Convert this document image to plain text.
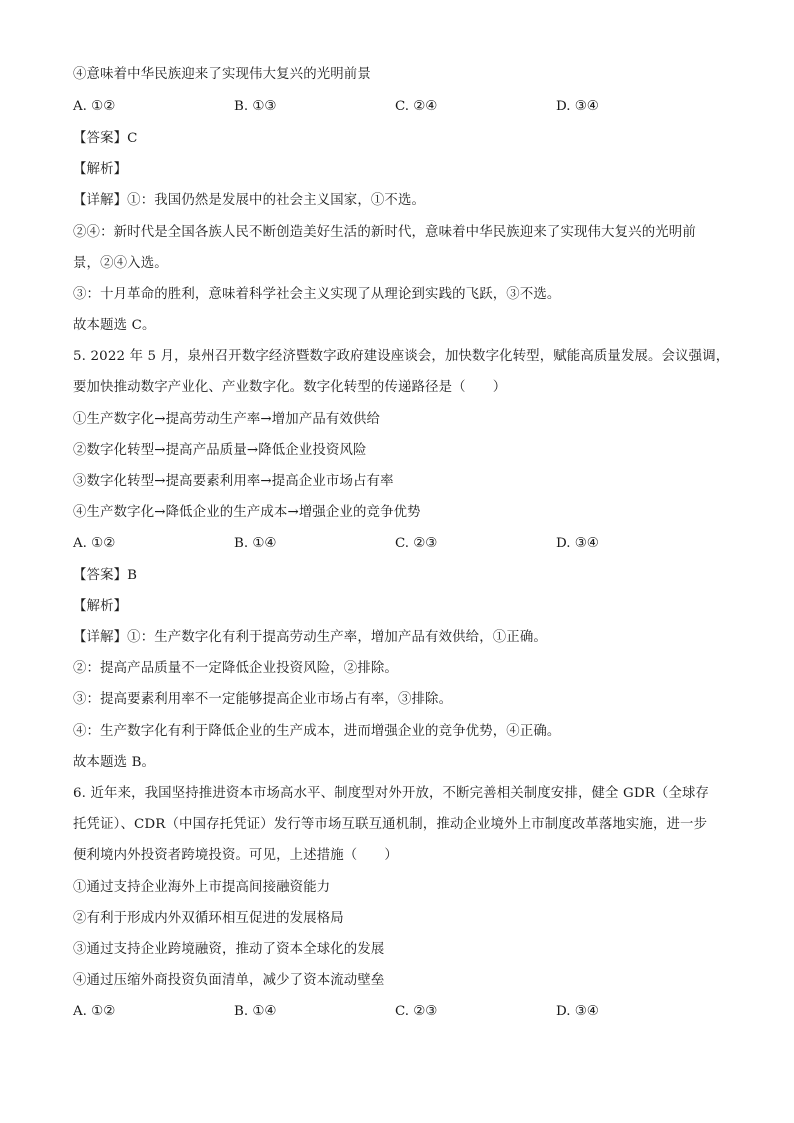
④意味着中华民族迎来了实现伟大复兴的光明前景
A. ①②	B. ①③	C. ②④	D. ③④
【答案】C
【解析】
【详解】①：我国仍然是发展中的社会主义国家，①不选。
②④：新时代是全国各族人民不断创造美好生活的新时代，意味着中华民族迎来了实现伟大复兴的光明前
景，②④入选。
③：十月革命的胜利，意味着科学社会主义实现了从理论到实践的飞跃，③不选。
故本题选 C。
5. 2022 年 5 月，泉州召开数字经济暨数字政府建设座谈会，加快数字化转型，赋能高质量发展。会议强调，
要加快推动数字产业化、产业数字化。数字化转型的传递路径是（　　）
①生产数字化→提高劳动生产率→增加产品有效供给
②数字化转型→提高产品质量→降低企业投资风险
③数字化转型→提高要素利用率→提高企业市场占有率
④生产数字化→降低企业的生产成本→增强企业的竞争优势
A. ①②	B. ①④	C. ②③	D. ③④
【答案】B
【解析】
【详解】①：生产数字化有利于提高劳动生产率，增加产品有效供给，①正确。
②：提高产品质量不一定降低企业投资风险，②排除。
③：提高要素利用率不一定能够提高企业市场占有率，③排除。
④：生产数字化有利于降低企业的生产成本，进而增强企业的竞争优势，④正确。
故本题选 B。
6. 近年来，我国坚持推进资本市场高水平、制度型对外开放，不断完善相关制度安排，健全 GDR（全球存
托凭证）、CDR（中国存托凭证）发行等市场互联互通机制，推动企业境外上市制度改革落地实施，进一步
便利境内外投资者跨境投资。可见，上述措施（　　）
①通过支持企业海外上市提高间接融资能力
②有利于形成内外双循环相互促进的发展格局
③通过支持企业跨境融资，推动了资本全球化的发展
④通过压缩外商投资负面清单，减少了资本流动壁垒
A. ①②	B. ①④	C. ②③	D. ③④
